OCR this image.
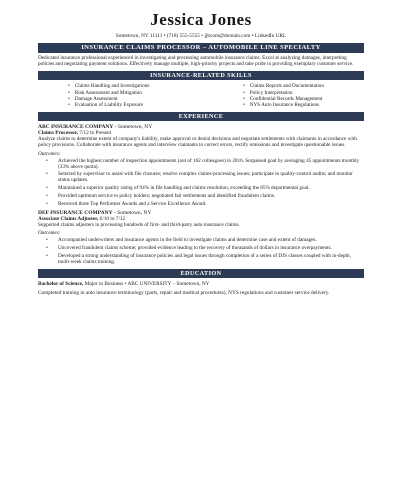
Jessica Jones
Sometown, NY 11111 • (718) 555-5555 • jjbcom@domain.com • LinkedIn URL
INSURANCE CLAIMS PROCESSOR – AUTOMOBILE LINE SPECIALTY

Dedicated insurance professional experienced in investigating and processing automobile insurance claims. Excel at analyzing damages, interpreting policies and negotiating payment solutions. Effectively manage multiple, high-priority projects and take pride in providing exemplary customer service.

INSURANCE-RELATED SKILLS
• Claims Handling and Investigations
• Risk Assessment and Mitigation
• Damage Assessment
• Evaluation of Liability Exposure
• Claims Reports and Documentation
• Policy Interpretation
• Confidential Records Management
• NYS Auto Insurance Regulations
EXPERIENCE
ABC INSURANCE COMPANY - Sometown, NY
Claims Processor, 7/12 to Present

Analyze claims to determine extent of company's liability, make approval or denial decisions and negotiate settlements with claimants in accordance with policy provisions. Collaborate with insurance agents and interview claimants to correct errors, rectify omissions and investigate questionable issues.

Outcomes:
• Achieved the highest number of inspection appointments (out of 162 colleagues) in 2016. Surpassed goal by averaging 45 appointments monthly (33% above quota).
• Selected by supervisor to assist with file closures; resolve complex claims-processing issues; participate in quality-control audits; and monitor status updates.
• Maintained a superior quality rating of 94% in file handling and claims resolution, exceeding the 85% departmental goal.
• Provided optimum service to policy holders; negotiated fair settlements and identified fraudulent claims.
• Received three Top Performer Awards and a Service Excellence Award.
DEF INSURANCE COMPANY - Sometown, NY
Associate Claims Adjuster, 6/10 to 7/12

Supported claims adjusters in processing hundreds of first- and third-party auto insurance claims.

Outcomes:
• Accompanied underwriters and insurance agents in the field to investigate claims and determine case and extent of damages.
• Uncovered fraudulent claims scheme; provided evidence leading to the recovery of thousands of dollars in insurance overpayments.
• Developed a strong understanding of insurance policies and legal issues through completion of a series of DJS classes coupled with in-depth, multi-week claims training.
EDUCATION
Bachelor of Science, Major in Business • ABC UNIVERSITY – Sometown, NY

Completed training in auto insurance terminology (parts, repair and medical procedures), NYS regulations and customer service delivery.
